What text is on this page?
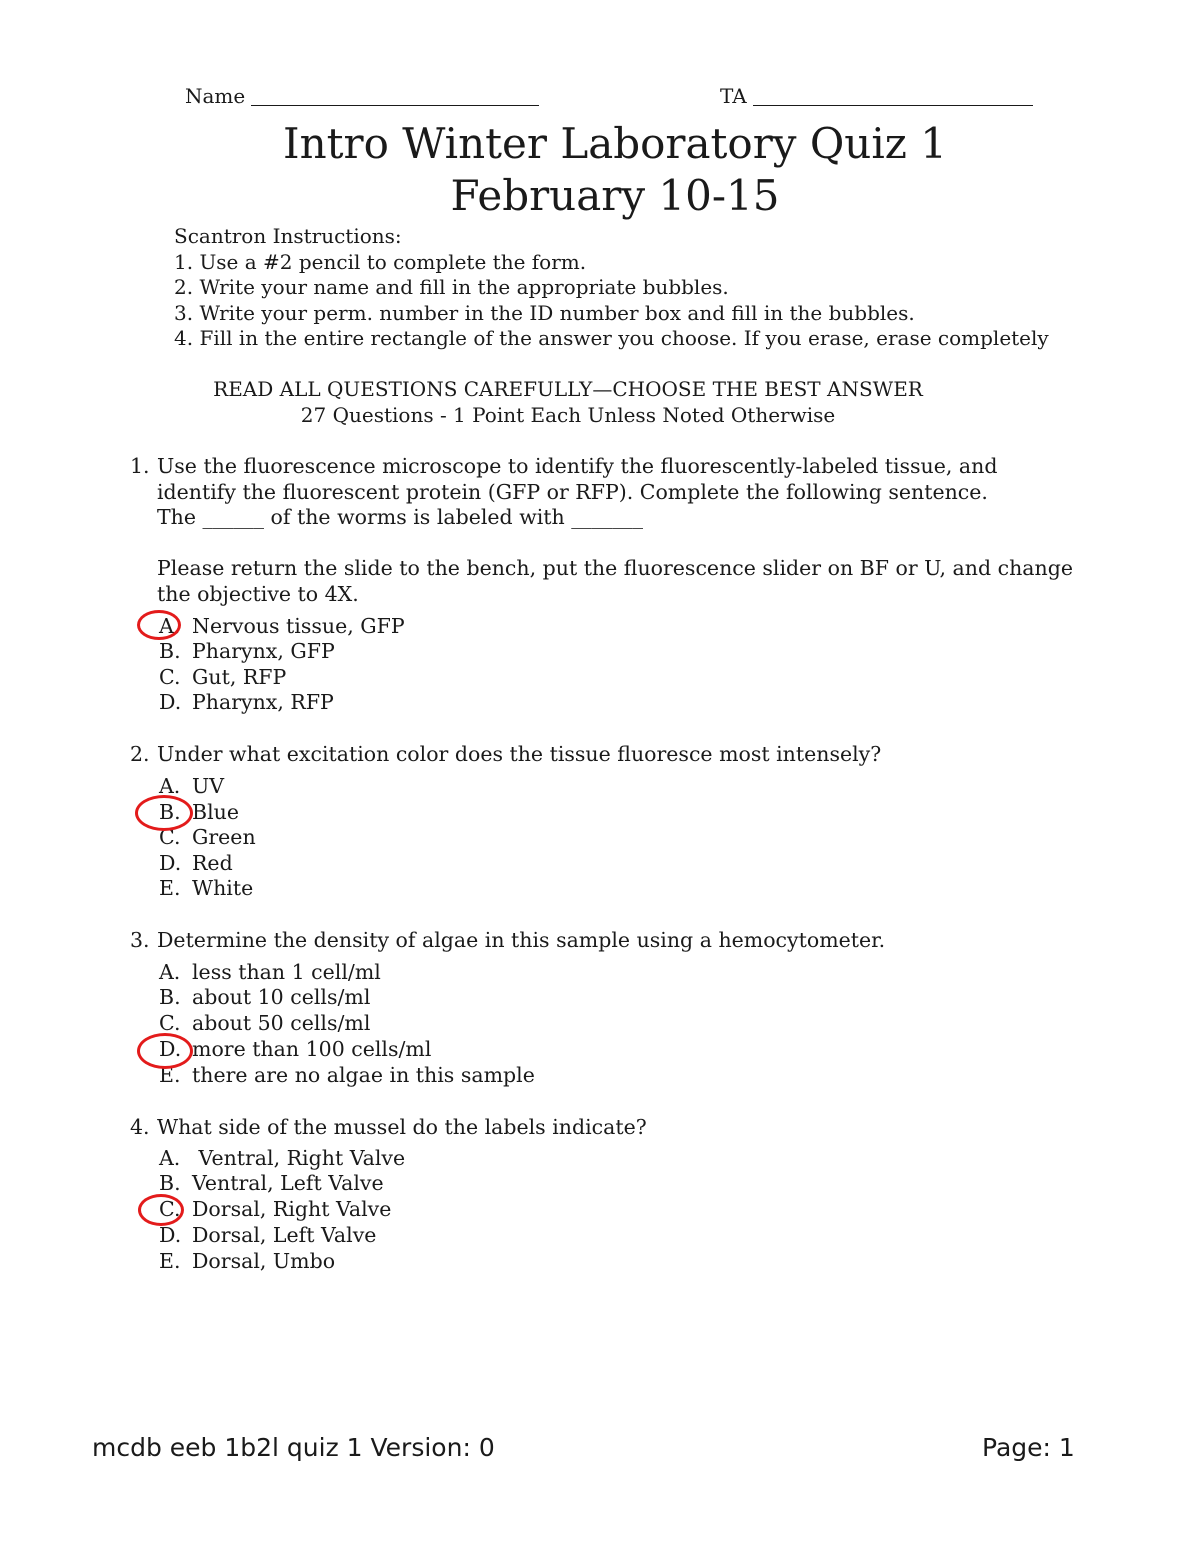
Name	TA
Intro Winter Laboratory Quiz 1
February 10-15
Scantron Instructions:
1. Use a #2 pencil to complete the form.
2. Write your name and fill in the appropriate bubbles.
3. Write your perm. number in the ID number box and fill in the bubbles.
4. Fill in the entire rectangle of the answer you choose. If you erase, erase completely
READ ALL QUESTIONS CAREFULLY—CHOOSE THE BEST ANSWER
27 Questions - 1 Point Each Unless Noted Otherwise
1. Use the fluorescence microscope to identify the fluorescently-labeled tissue, and
identify the fluorescent protein (GFP or RFP). Complete the following sentence.
The ______ of the worms is labeled with _______
Please return the slide to the bench, put the fluorescence slider on BF or U, and change
the objective to 4X.
A. Nervous tissue, GFP
B. Pharynx, GFP
C. Gut, RFP
D. Pharynx, RFP
2. Under what excitation color does the tissue fluoresce most intensely?
A. UV
B. Blue
C. Green
D. Red
E. White
3. Determine the density of algae in this sample using a hemocytometer.
A. less than 1 cell/ml
B. about 10 cells/ml
C. about 50 cells/ml
D. more than 100 cells/ml
E. there are no algae in this sample
4. What side of the mussel do the labels indicate?
A. Ventral, Right Valve
B. Ventral, Left Valve
C. Dorsal, Right Valve
D. Dorsal, Left Valve
E. Dorsal, Umbo
mcdb eeb 1b2l quiz 1 Version: 0	Page: 1
